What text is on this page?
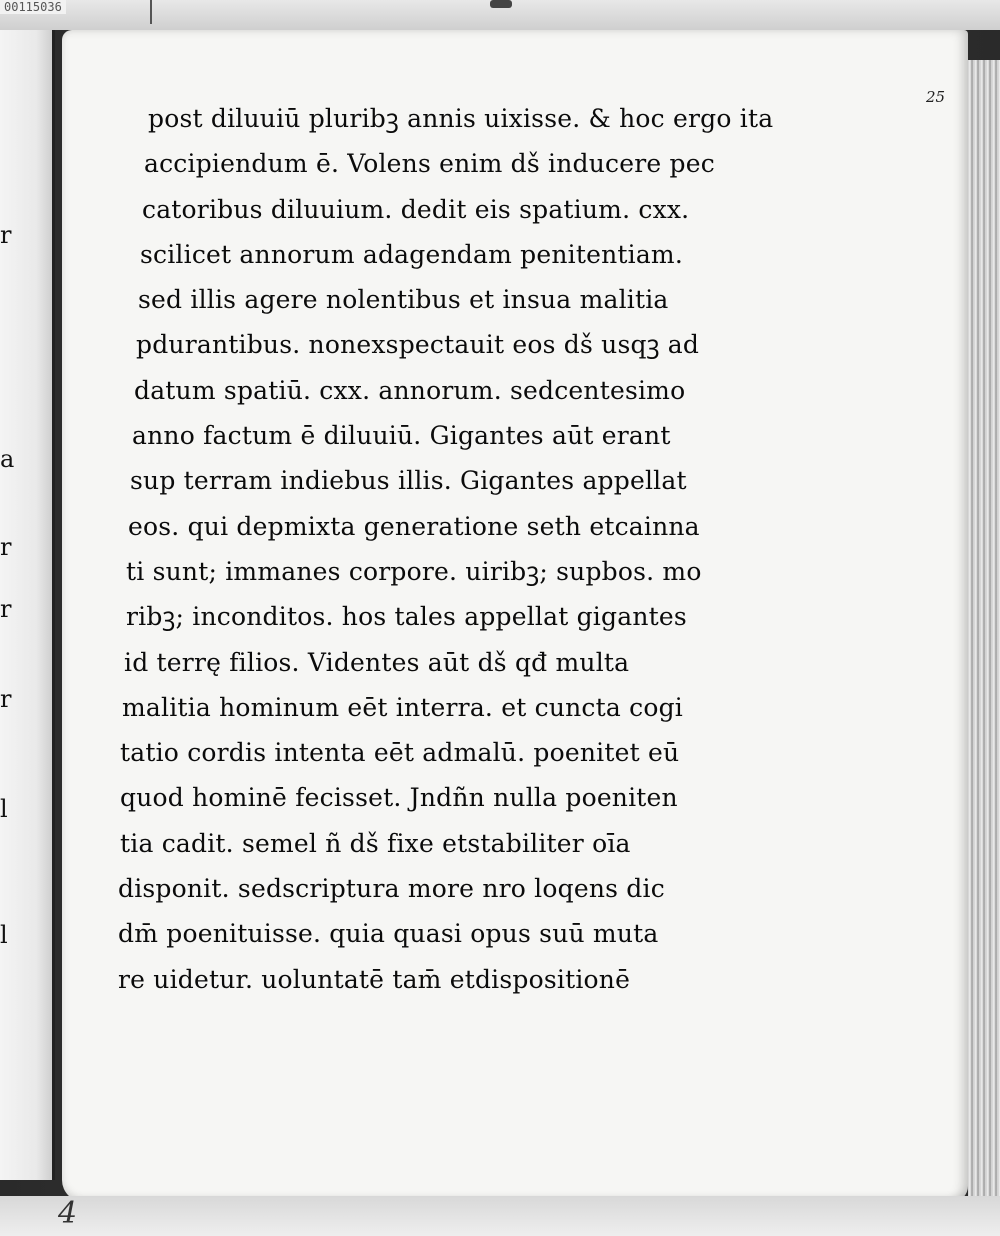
00115036
r
a
r
r
r
l
l
25
post diluuiū pluribꝫ annis uixisse. & hoc ergo ita
accipiendum ē. Volens enim dš inducere pec
catoribus diluuium. dedit eis spatium. cxx.
scilicet annorum adagendam penitentiam.
sed illis agere nolentibus et insua malitia
pdurantibus. nonexspectauit eos dš usqꝫ ad
datum spatiū. cxx. annorum. sedcentesimo
anno factum ē diluuiū. Gigantes aūt erant
sup terram indiebus illis. Gigantes appellat
eos. qui depmixta generatione seth etcainna
ti sunt; immanes corpore. uiribꝫ; supbos. mo
ribꝫ; inconditos. hos tales appellat gigantes
id terrę filios. Videntes aūt dš qđ multa
malitia hominum eēt interra. et cuncta cogi
tatio cordis intenta eēt admalū. poenitet eū
quod hominē fecisset. Jndñn nulla poeniten
tia cadit. semel ñ dš fixe etstabiliter oīa
disponit. sedscriptura more nro loqens dic
dm̄ poenituisse. quia quasi opus suū muta
re uidetur. uoluntatē tam̄ etdispositionē
4
